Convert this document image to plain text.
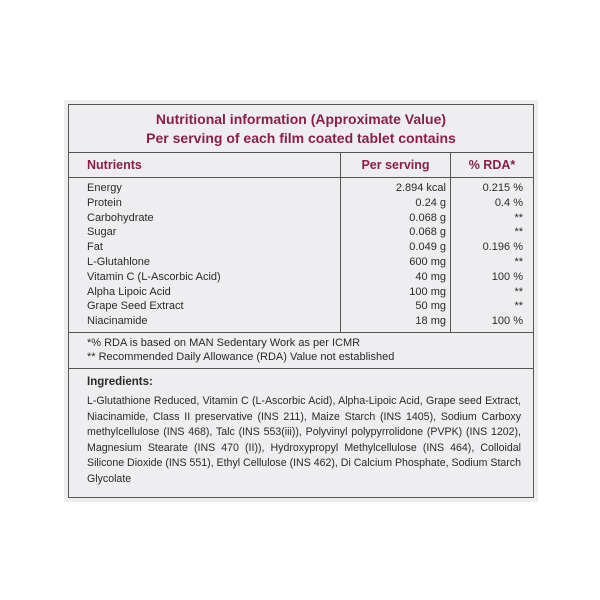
Nutritional information (Approximate Value)
Per serving of each film coated tablet contains
Nutrients	Per serving	% RDA*
Energy
Protein
Carbohydrate
Sugar
Fat
L-Glutahlone
Vitamin C (L-Ascorbic Acid)
Alpha Lipoic Acid
Grape Seed Extract
Niacinamide
2.894 kcal
0.24 g
0.068 g
0.068 g
0.049 g
600 mg
40 mg
100 mg
50 mg
18 mg
0.215 %
0.4 %
**
**
0.196 %
**
100 %
**
**
100 %
*% RDA is based on MAN Sedentary Work as per ICMR
** Recommended Daily Allowance (RDA) Value not established
Ingredients:
L-Glutathione Reduced, Vitamin C (L-Ascorbic Acid), Alpha-Lipoic Acid, Grape seed Extract, Niacinamide, Class II preservative (INS 211), Maize Starch (INS 1405), Sodium Carboxy methylcellulose (INS 468), Talc (INS 553(iii)), Polyvinyl polypyrrolidone (PVPK) (INS 1202), Magnesium Stearate (INS 470 (II)), Hydroxypropyl Methylcellulose (INS 464), Colloidal Silicone Dioxide (INS 551), Ethyl Cellulose (INS 462), Di Calcium Phosphate, Sodium Starch Glycolate
